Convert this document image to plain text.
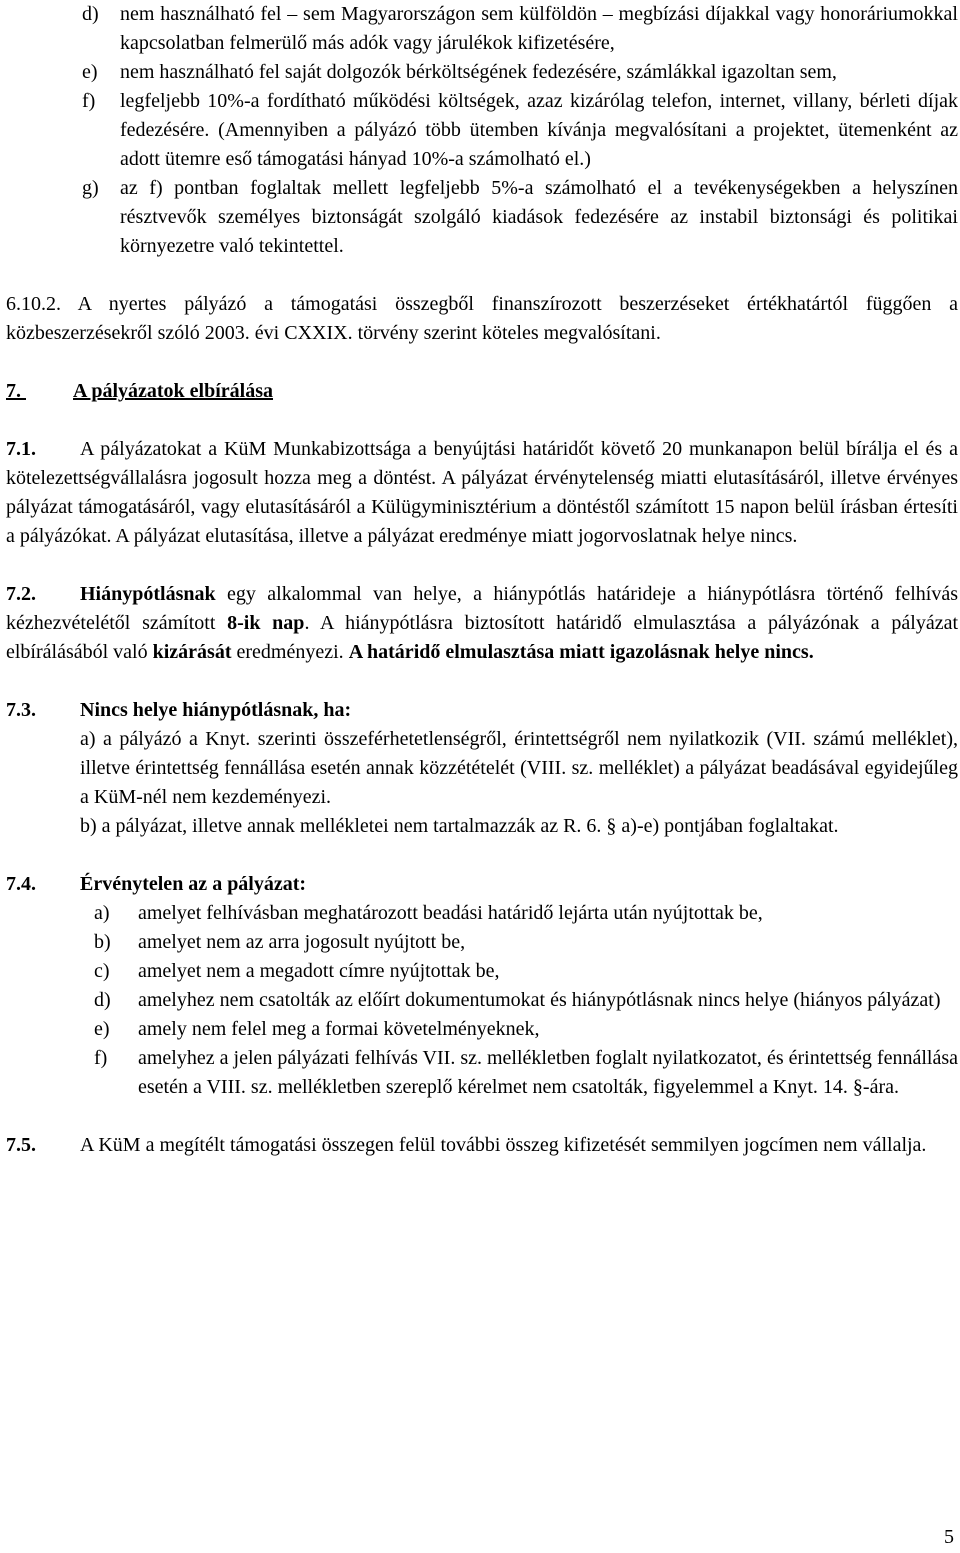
d) nem használható fel – sem Magyarországon sem külföldön – megbízási díjakkal vagy honoráriumokkal kapcsolatban felmerülő más adók vagy járulékok kifizetésére,
e) nem használható fel saját dolgozók bérköltségének fedezésére, számlákkal igazoltan sem,
f) legfeljebb 10%-a fordítható működési költségek, azaz kizárólag telefon, internet, villany, bérleti díjak fedezésére. (Amennyiben a pályázó több ütemben kívánja megvalósítani a projektet, ütemenként az adott ütemre eső támogatási hányad 10%-a számolható el.)
g) az f) pontban foglaltak mellett legfeljebb 5%-a számolható el a tevékenységekben a helyszínen résztvevők személyes biztonságát szolgáló kiadások fedezésére az instabil biztonsági és politikai környezetre való tekintettel.
6.10.2. A nyertes pályázó a támogatási összegből finanszírozott beszerzéseket értékhatártól függően a közbeszerzésekről szóló 2003. évi CXXIX. törvény szerint köteles megvalósítani.
7.	A pályázatok elbírálása
7.1. A pályázatokat a KüM Munkabizottsága a benyújtási határidőt követő 20 munkanapon belül bírálja el és a kötelezettségvállalásra jogosult hozza meg a döntést. A pályázat érvénytelenség miatti elutasításáról, illetve érvényes pályázat támogatásáról, vagy elutasításáról a Külügyminisztérium a döntéstől számított 15 napon belül írásban értesíti a pályázókat. A pályázat elutasítása, illetve a pályázat eredménye miatt jogorvoslatnak helye nincs.
7.2. Hiánypótlásnak egy alkalommal van helye, a hiánypótlás határideje a hiánypótlásra történő felhívás kézhezvételétől számított 8-ik nap. A hiánypótlásra biztosított határidő elmulasztása a pályázónak a pályázat elbírálásából való kizárását eredményezi. A határidő elmulasztása miatt igazolásnak helye nincs.
7.3. Nincs helye hiánypótlásnak, ha:
a) a pályázó a Knyt. szerinti összeférhetetlenségről, érintettségről nem nyilatkozik (VII. számú melléklet), illetve érintettség fennállása esetén annak közzétételét (VIII. sz. melléklet) a pályázat beadásával egyidejűleg a KüM-nél nem kezdeményezi.
b) a pályázat, illetve annak mellékletei nem tartalmazzák az R. 6. § a)-e) pontjában foglaltakat.
7.4. Érvénytelen az a pályázat:
a) amelyet felhívásban meghatározott beadási határidő lejárta után nyújtottak be,
b) amelyet nem az arra jogosult nyújtott be,
c) amelyet nem a megadott címre nyújtottak be,
d) amelyhez nem csatolták az előírt dokumentumokat és hiánypótlásnak nincs helye (hiányos pályázat)
e) amely nem felel meg a formai követelményeknek,
f) amelyhez a jelen pályázati felhívás VII. sz. mellékletben foglalt nyilatkozatot, és érintettség fennállása esetén a VIII. sz. mellékletben szereplő kérelmet nem csatolták, figyelemmel a Knyt. 14. §-ára.
7.5. A KüM a megítélt támogatási összegen felül további összeg kifizetését semmilyen jogcímen nem vállalja.
5
